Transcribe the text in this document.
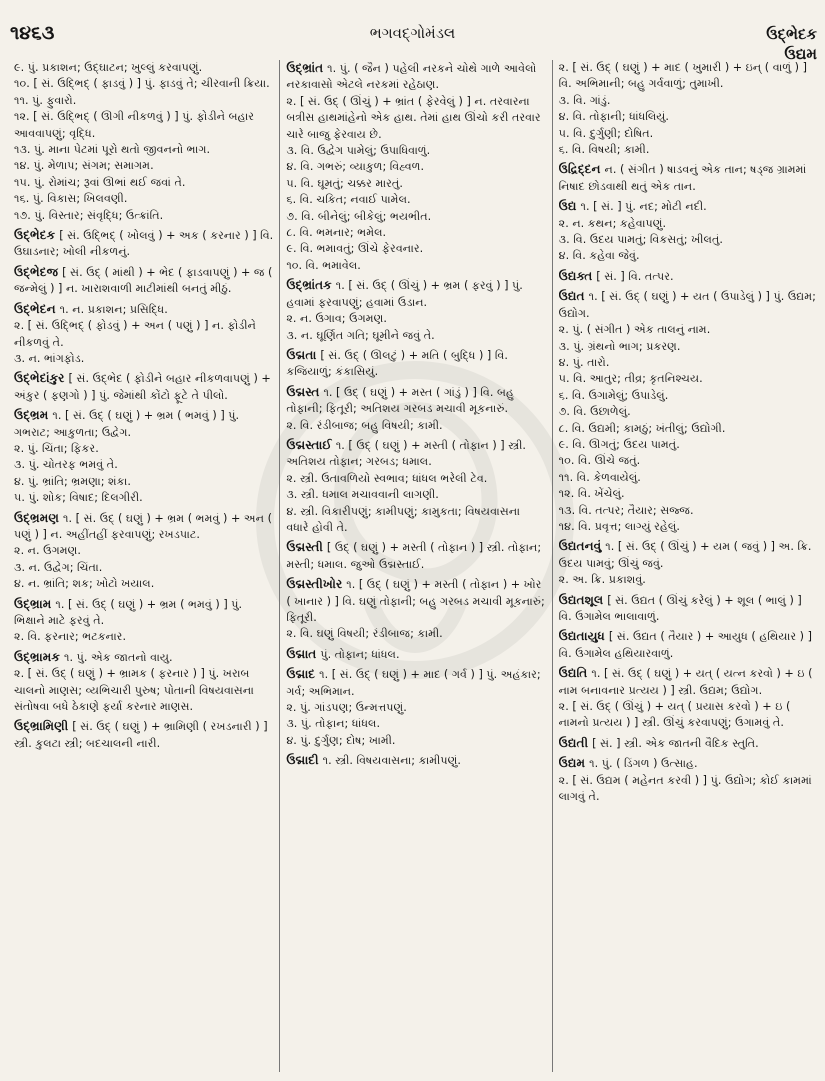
૧૪૬૩	ભગવદ્ગોમંડલ	ઉદ્ભેદક
ઉદ્યમ
૯. પું. પ્રકાશન; ઉદ્ઘાટન; ખુલ્લું કરવાપણું.
૧૦. [ સં. ઉદ્ભિદ્ ( ફાડવું ) ] પું. ફાડવું તે; ચીરવાની ક્રિયા.
૧૧. પું. ફુવારો.
૧૨. [ સં. ઉદ્ભિદ્ ( ઊગી નીકળવું ) ] પું. ફોડીને બહાર આવવાપણું; વૃદ્ધિ.
૧૩. પું. માના પેટમાં પૂરો થતો જીવનનો ભાગ.
૧૪. પું. મેળાપ; સંગમ; સમાગમ.
૧૫. પું. રોમાંચ; રૂવાં ઊભાં થઈ જવાં તે.
૧૬. પું. વિકાસ; ખિલવણી.
૧૭. પું. વિસ્તાર; સંવૃદ્ધિ; ઉત્ક્રાંતિ.
ઉદ્ભેદક [ સં. ઉદ્ભિદ્ ( ખોલવું ) + અક ( કરનાર ) ] વિ. ઉઘાડનાર; ખોલી નીકળનું.
ઉદ્ભેદજ [ સં. ઉદ્ ( માંથી ) + ભેદ ( ફાડવાપણું ) + જ ( જન્મેલું ) ] ન. ખારાશવાળી માટીમાંથી બનતું મીઠું.
ઉદ્ભેદન ૧. ન. પ્રકાશન; પ્રસિદ્ધિ.
૨. [ સં. ઉદ્ભિદ્ ( ફોડવું ) + અન ( પણું ) ] ન. ફોડીને નીકળવું તે.
૩. ન. ભાંગફોડ.
ઉદ્ભેદાંકુર [ સં. ઉદ્ભેદ ( ફોડીને બહાર નીકળવાપણું ) + અંકુર ( ફણગો ) ] પું. જેમાંથી કોંટો ફૂટે તે પીલો.
ઉદ્ભ્રમ ૧. [ સં. ઉદ્ ( ઘણું ) + ભ્રમ ( ભમવું ) ] પું. ગભરાટ; આકુળતા; ઉદ્વેગ.
૨. પું. ચિંતા; ફિકર.
૩. પું. ચોતરફ ભમવું તે.
૪. પું. ભ્રાંતિ; ભ્રમણા; શંકા.
૫. પું. શોક; વિષાદ; દિલગીરી.
ઉદ્ભ્રમણ ૧. [ સં. ઉદ્ ( ઘણું ) + ભ્રમ ( ભમવું ) + અન ( પણું ) ] ન. અહીંતહીં ફરવાપણું; રખડપાટ.
૨. ન. ઉગમણ.
૩. ન. ઉદ્વેગ; ચિંતા.
૪. ન. ભ્રાંતિ; શક; ખોટો ખયાલ.
ઉદ્ભ્રામ ૧. [ સં. ઉદ્ ( ઘણું ) + ભ્રમ ( ભમવું ) ] પું. ભિક્ષાને માટે ફરવું તે.
૨. વિ. ફરનાર; ભટકનાર.
ઉદ્ભ્રામક ૧. પું. એક જાતનો વાયુ.
૨. [ સં. ઉદ્ ( ઘણું ) + ભ્રામક ( ફરનાર ) ] પું. ખરાબ ચાલનો માણસ; વ્યભિચારી પુરુષ; પોતાની વિષયવાસના સંતોષવા બધે ઠેકાણે ફર્યા કરનાર માણસ.
ઉદ્ભ્રામિણી [ સં. ઉદ્ ( ઘણું ) + ભ્રામિણી ( રખડનારી ) ] સ્ત્રી. કુલટા સ્ત્રી; બદચાલની નારી.
ઉદ્ભ્રાંત ૧. પું. ( જૈન ) પહેલી નરકને ચોથે ગાળે આવેલો નરકાવાસો એટલે નરકમાં રહેઠાણ.
૨. [ સં. ઉદ્ ( ઊંચું ) + ભ્રાંત ( ફેરવેલું ) ] ન. તરવારના બત્રીસ હાથમાંહેનો એક હાથ. તેમાં હાથ ઊંચો કરી તરવાર ચારે બાજુ ફેરવાય છે.
૩. વિ. ઉદ્વેગ પામેલું; ઉપાધિવાળું.
૪. વિ. ગભરું; વ્યાકુળ; વિહ્વળ.
૫. વિ. ઘૂમતું; ચક્કર મારતું.
૬. વિ. ચકિત; નવાઈ પામેલ.
૭. વિ. બીનેલું; બીકેલું; ભયભીત.
૮. વિ. ભમનાર; ભમેલ.
૯. વિ. ભમાવતું; ઊંચે ફેરવનાર.
૧૦. વિ. ભમાવેલ.
ઉદ્ભ્રાંતક ૧. [ સં. ઉદ્ ( ઊંચું ) + ભ્રમ ( ફરવું ) ] પું. હવામાં ફરવાપણું; હવામાં ઉડાન.
૨. ન. ઉગાવ; ઉગમણ.
૩. ન. ઘૂર્ણિત ગતિ; ઘૂમીને જવું તે.
ઉદ્મતા [ સં. ઉદ્ ( ઊલટું ) + મતિ ( બુદ્ધિ ) ] વિ. કજિયાળું; કંકાસિયું.
ઉદ્મસ્ત ૧. [ ઉદ્ ( ઘણું ) + મસ્ત ( ગાંડું ) ] વિ. બહુ તોફાની; ફિતૂરી; અતિશય ગરબડ મચાવી મૂકનારું.
૨. વિ. રંડીબાજ; બહુ વિષયી; કામી.
ઉદ્મસ્તાઈ ૧. [ ઉદ્ ( ઘણું ) + મસ્તી ( તોફાન ) ] સ્ત્રી. અતિશય તોફાન; ગરબડ; ધમાલ.
૨. સ્ત્રી. ઉતાવળિયો સ્વભાવ; ધાંધલ ભરેલી ટેવ.
૩. સ્ત્રી. ધમાલ મચાવવાની લાગણી.
૪. સ્ત્રી. વિકારીપણું; કામીપણું; કામુકતા; વિષયવાસના વધારે હોવી તે.
ઉદ્મસ્તી [ ઉદ્ ( ઘણું ) + મસ્તી ( તોફાન ) ] સ્ત્રી. તોફાન; મસ્તી; ધમાલ. જુઓ ઉદ્મસ્તાઈ.
ઉદ્મસ્તીખોર ૧. [ ઉદ્ ( ઘણું ) + મસ્તી ( તોફાન ) + ખોર ( ખાનાર ) ] વિ. ઘણું તોફાની; બહુ ગરબડ મચાવી મૂકનારું; ફિતૂરી.
૨. વિ. ઘણું વિષયી; રંડીબાજ; કામી.
ઉદ્માત પું. તોફાન; ધાંધલ.
ઉદ્માદ ૧. [ સં. ઉદ્ ( ઘણું ) + માદ ( ગર્વ ) ] પું. અહંકાર; ગર્વ; અભિમાન.
૨. પું. ગાંડપણ; ઉન્મત્તપણું.
૩. પું. તોફાન; ધાંધલ.
૪. પું. દુર્ગુણ; દોષ; ખામી.
ઉદ્માદી ૧. સ્ત્રી. વિષયવાસના; કામીપણું.
૨. [ સં. ઉદ્ ( ઘણું ) + માદ ( ખુમારી ) + ઇન્ ( વાળું ) ] વિ. અભિમાની; બહુ ગર્વવાળું; તુમાખી.
૩. વિ. ગાંડું.
૪. વિ. તોફાની; ધાંધલિયું.
૫. વિ. દુર્ગુણી; દોષિત.
૬. વિ. વિષયી; કામી.
ઉદ્રિદ્દન ન. ( સંગીત ) ષાડવનું એક તાન; ષડ્જ ગ્રામમાં નિષાદ છોડવાથી થતું એક તાન.
ઉદ્ય ૧. [ સં. ] પું. નદ; મોટી નદી.
૨. ન. કથન; કહેવાપણું.
૩. વિ. ઉદય પામતું; વિકસતું; ખીલતું.
૪. વિ. કહેવા જેવું.
ઉદ્યક્ત [ સં. ] વિ. તત્પર.
ઉદ્યત ૧. [ સં. ઉદ્ ( ઘણું ) + યત ( ઉપાડેલું ) ] પું. ઉદ્યમ; ઉદ્યોગ.
૨. પું. ( સંગીત ) એક તાલનું નામ.
૩. પું. ગ્રંથનો ભાગ; પ્રકરણ.
૪. પું. તારો.
૫. વિ. આતુર; તીવ્ર; કૃતનિશ્ચય.
૬. વિ. ઉગામેલું; ઉપાડેલું.
૭. વિ. ઉછાળેલું.
૮. વિ. ઉદ્યમી; કામઠું; ખંતીલું; ઉદ્યોગી.
૯. વિ. ઊગતું; ઉદય પામતું.
૧૦. વિ. ઊંચે જતું.
૧૧. વિ. કેળવાયેલું.
૧૨. વિ. ખેંચેલું.
૧૩. વિ. તત્પર; તૈયાર; સજ્જ.
૧૪. વિ. પ્રવૃત્ત; લાગ્યું રહેલું.
ઉદ્યતનવું ૧. [ સં. ઉદ્ ( ઊંચું ) + યમ ( જવું ) ] અ. ક્રિ. ઉદય પામવું; ઊંચું જવું.
૨. અ. ક્રિ. પ્રકાશવું.
ઉદ્યતશૂલ [ સં. ઉદ્યત ( ઊંચું કરેલું ) + શૂલ ( ભાલું ) ] વિ. ઉગામેલ ભાલાવાળું.
ઉદ્યતાયુધ [ સં. ઉદ્યત ( તૈયાર ) + આયુધ ( હથિયાર ) ] વિ. ઉગામેલ હથિયારવાળું.
ઉદ્યતિ ૧. [ સં. ઉદ્ ( ઘણું ) + યત્ ( યત્ન કરવો ) + ઇ ( નામ બનાવનાર પ્રત્યય ) ] સ્ત્રી. ઉદ્યમ; ઉદ્યોગ.
૨. [ સં. ઉદ્ ( ઊંચું ) + યત્ ( પ્રયાસ કરવો ) + ઇ ( નામનો પ્રત્યય ) ] સ્ત્રી. ઊંચું કરવાપણું; ઉગામવું તે.
ઉદ્યતી [ સં. ] સ્ત્રી. એક જાતની વૈદિક સ્તુતિ.
ઉદ્યમ ૧. પું. ( ડિંગળ ) ઉત્સાહ.
૨. [ સં. ઉદ્યમ ( મહેનત કરવી ) ] પું. ઉદ્યોગ; કોઈ કામમાં લાગવું તે.
